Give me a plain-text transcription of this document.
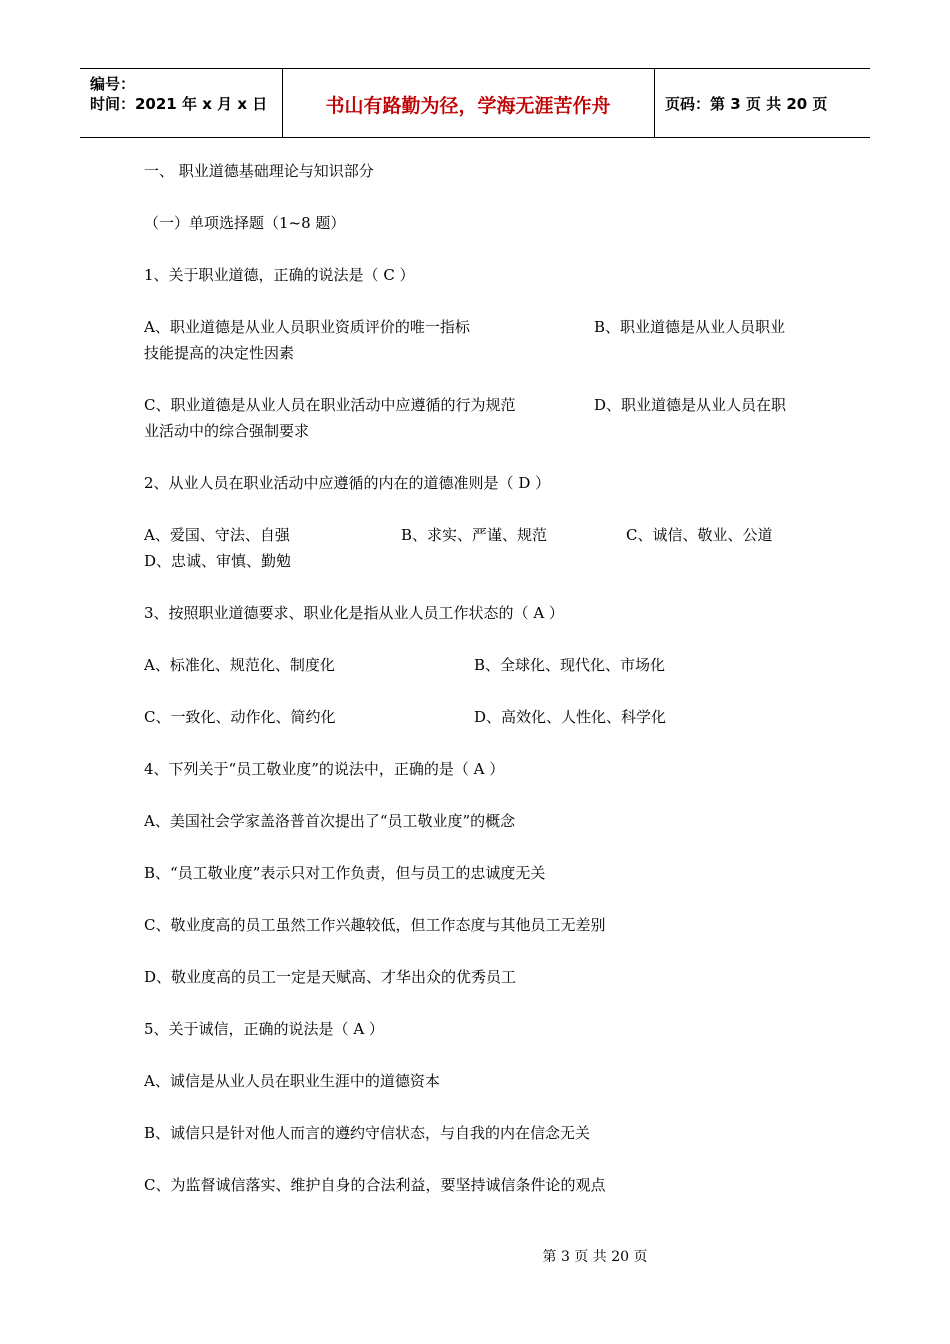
编号：
时间：2021 年 x 月 x 日	书山有路勤为径，学海无涯苦作舟	页码：第 3 页 共 20 页

一、 职业道德基础理论与知识部分

（一）单项选择题（1~8 题）

1、关于职业道德，正确的说法是（ C ）

A、职业道德是从业人员职业资质评价的唯一指标	B、职业道德是从业人员职业
技能提高的决定性因素
C、职业道德是从业人员在职业活动中应遵循的行为规范	D、职业道德是从业人员在职
业活动中的综合强制要求

2、从业人员在职业活动中应遵循的内在的道德准则是（ D ）

A、爱国、守法、自强	B、求实、严谨、规范	C、诚信、敬业、公道
D、忠诚、审慎、勤勉

3、按照职业道德要求、职业化是指从业人员工作状态的（ A ）

A、标准化、规范化、制度化	B、全球化、现代化、市场化
C、一致化、动作化、简约化	D、高效化、人性化、科学化

4、下列关于“员工敬业度”的说法中，正确的是（ A ）

A、美国社会学家盖洛普首次提出了“员工敬业度”的概念

B、“员工敬业度”表示只对工作负责，但与员工的忠诚度无关

C、敬业度高的员工虽然工作兴趣较低，但工作态度与其他员工无差别

D、敬业度高的员工一定是天赋高、才华出众的优秀员工

5、关于诚信，正确的说法是（ A ）

A、诚信是从业人员在职业生涯中的道德资本

B、诚信只是针对他人而言的遵约守信状态，与自我的内在信念无关

C、为监督诚信落实、维护自身的合法利益，要坚持诚信条件论的观点

第 3 页 共 20 页
